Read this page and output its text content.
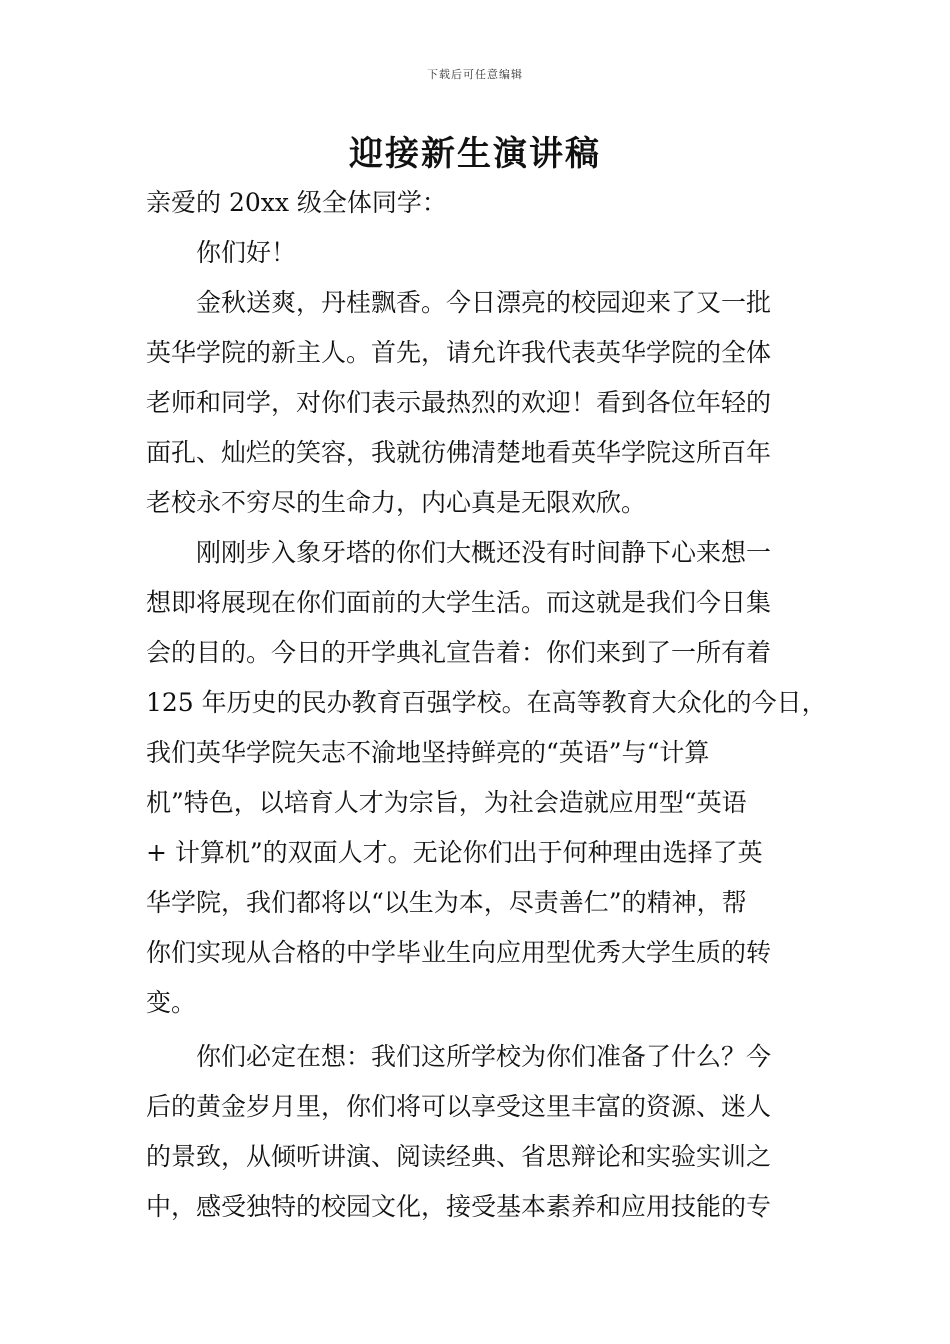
下载后可任意编辑
迎接新生演讲稿
亲爱的 20xx 级全体同学：
你们好！
金秋送爽，丹桂飘香。今日漂亮的校园迎来了又一批
英华学院的新主人。首先，请允许我代表英华学院的全体
老师和同学，对你们表示最热烈的欢迎！看到各位年轻的
面孔、灿烂的笑容，我就彷佛清楚地看英华学院这所百年
老校永不穷尽的生命力，内心真是无限欢欣。
刚刚步入象牙塔的你们大概还没有时间静下心来想一
想即将展现在你们面前的大学生活。而这就是我们今日集
会的目的。今日的开学典礼宣告着：你们来到了一所有着
125 年历史的民办教育百强学校。在高等教育大众化的今日，
我们英华学院矢志不渝地坚持鲜亮的“英语”与“计算
机”特色，以培育人才为宗旨，为社会造就应用型“英语
+ 计算机”的双面人才。无论你们出于何种理由选择了英
华学院，我们都将以“以生为本，尽责善仁”的精神，帮
你们实现从合格的中学毕业生向应用型优秀大学生质的转
变。
你们必定在想：我们这所学校为你们准备了什么？今
后的黄金岁月里，你们将可以享受这里丰富的资源、迷人
的景致，从倾听讲演、阅读经典、省思辩论和实验实训之
中，感受独特的校园文化，接受基本素养和应用技能的专
